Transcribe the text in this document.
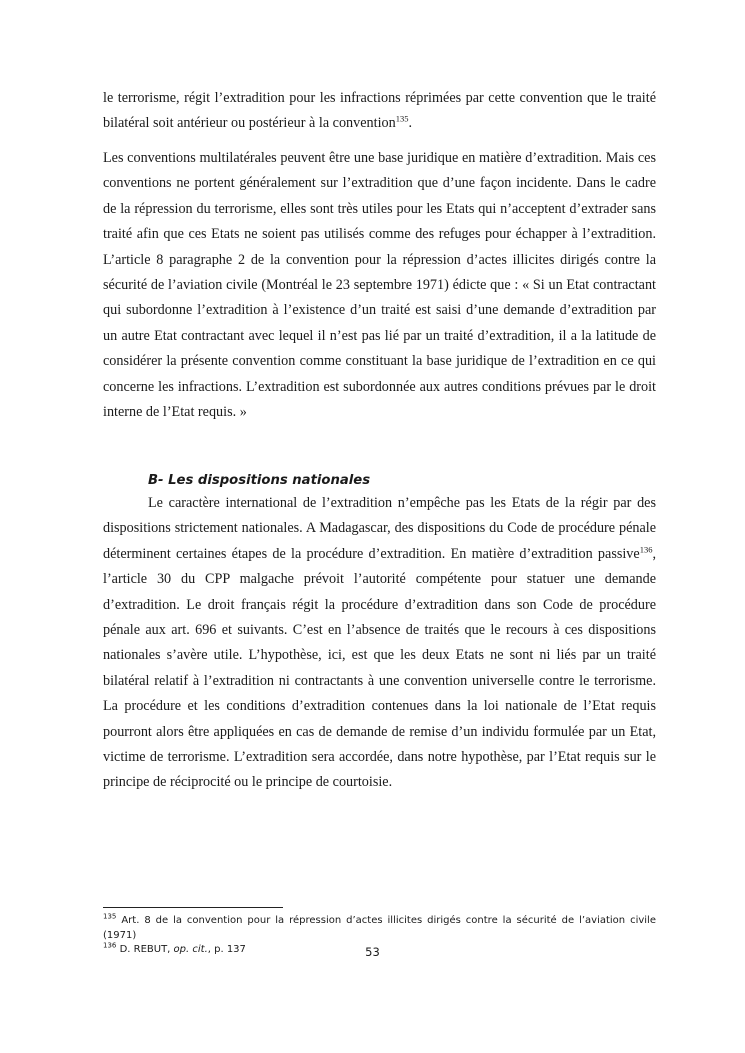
le terrorisme, régit l’extradition pour les infractions réprimées par cette convention que le traité bilatéral soit antérieur ou postérieur à la convention$^{135}$.

Les conventions multilatérales peuvent être une base juridique en matière d’extradition. Mais ces conventions ne portent généralement sur l’extradition que d’une façon incidente. Dans le cadre de la répression du terrorisme, elles sont très utiles pour les Etats qui n’acceptent d’extrader sans traité afin que ces Etats ne soient pas utilisés comme des refuges pour échapper à l’extradition. L’article 8 paragraphe 2 de la convention pour la répression d’actes illicites dirigés contre la sécurité de l’aviation civile (Montréal le 23 septembre 1971) édicte que : « Si un Etat contractant qui subordonne l’extradition à l’existence d’un traité est saisi d’une demande d’extradition par un autre Etat contractant avec lequel il n’est pas lié par un traité d’extradition, il a la latitude de considérer la présente convention comme constituant la base juridique de l’extradition en ce qui concerne les infractions. L’extradition est subordonnée aux autres conditions prévues par le droit interne de l’Etat requis. »

B- Les dispositions nationales

Le caractère international de l’extradition n’empêche pas les Etats de la régir par des dispositions strictement nationales. A Madagascar, des dispositions du Code de procédure pénale déterminent certaines étapes de la procédure d’extradition. En matière d’extradition passive$^{136}$, l’article 30 du CPP malgache prévoit l’autorité compétente pour statuer une demande d’extradition. Le droit français régit la procédure d’extradition dans son Code de procédure pénale aux art. 696 et suivants. C’est en l’absence de traités que le recours à ces dispositions nationales s’avère utile. L’hypothèse, ici, est que les deux Etats ne sont ni liés par un traité bilatéral relatif à l’extradition ni contractants à une convention universelle contre le terrorisme. La procédure et les conditions d’extradition contenues dans la loi nationale de l’Etat requis pourront alors être appliquées en cas de demande de remise d’un individu formulée par un Etat, victime de terrorisme. L’extradition sera accordée, dans notre hypothèse, par l’Etat requis sur le principe de réciprocité ou le principe de courtoisie.

$^{135}$ Art. 8 de la convention pour la répression d’actes illicites dirigés contre la sécurité de l’aviation civile (1971)

$^{136}$ D. REBUT, op. cit., p. 137	53
